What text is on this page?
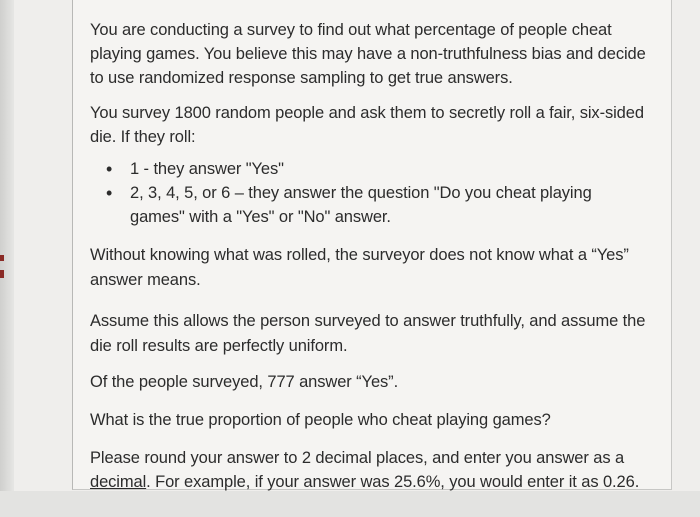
You are conducting a survey to find out what percentage of people cheat playing games. You believe this may have a non-truthfulness bias and decide to use randomized response sampling to get true answers.

You survey 1800 random people and ask them to secretly roll a fair, six-sided die. If they roll:

• 1 - they answer "Yes"
• 2, 3, 4, 5, or 6 – they answer the question "Do you cheat playing games" with a "Yes" or "No" answer.

Without knowing what was rolled, the surveyor does not know what a “Yes” answer means.

Assume this allows the person surveyed to answer truthfully, and assume the die roll results are perfectly uniform.

Of the people surveyed, 777 answer “Yes”.

What is the true proportion of people who cheat playing games?

Please round your answer to 2 decimal places, and enter you answer as a decimal. For example, if your answer was 25.6%, you would enter it as 0.26.
